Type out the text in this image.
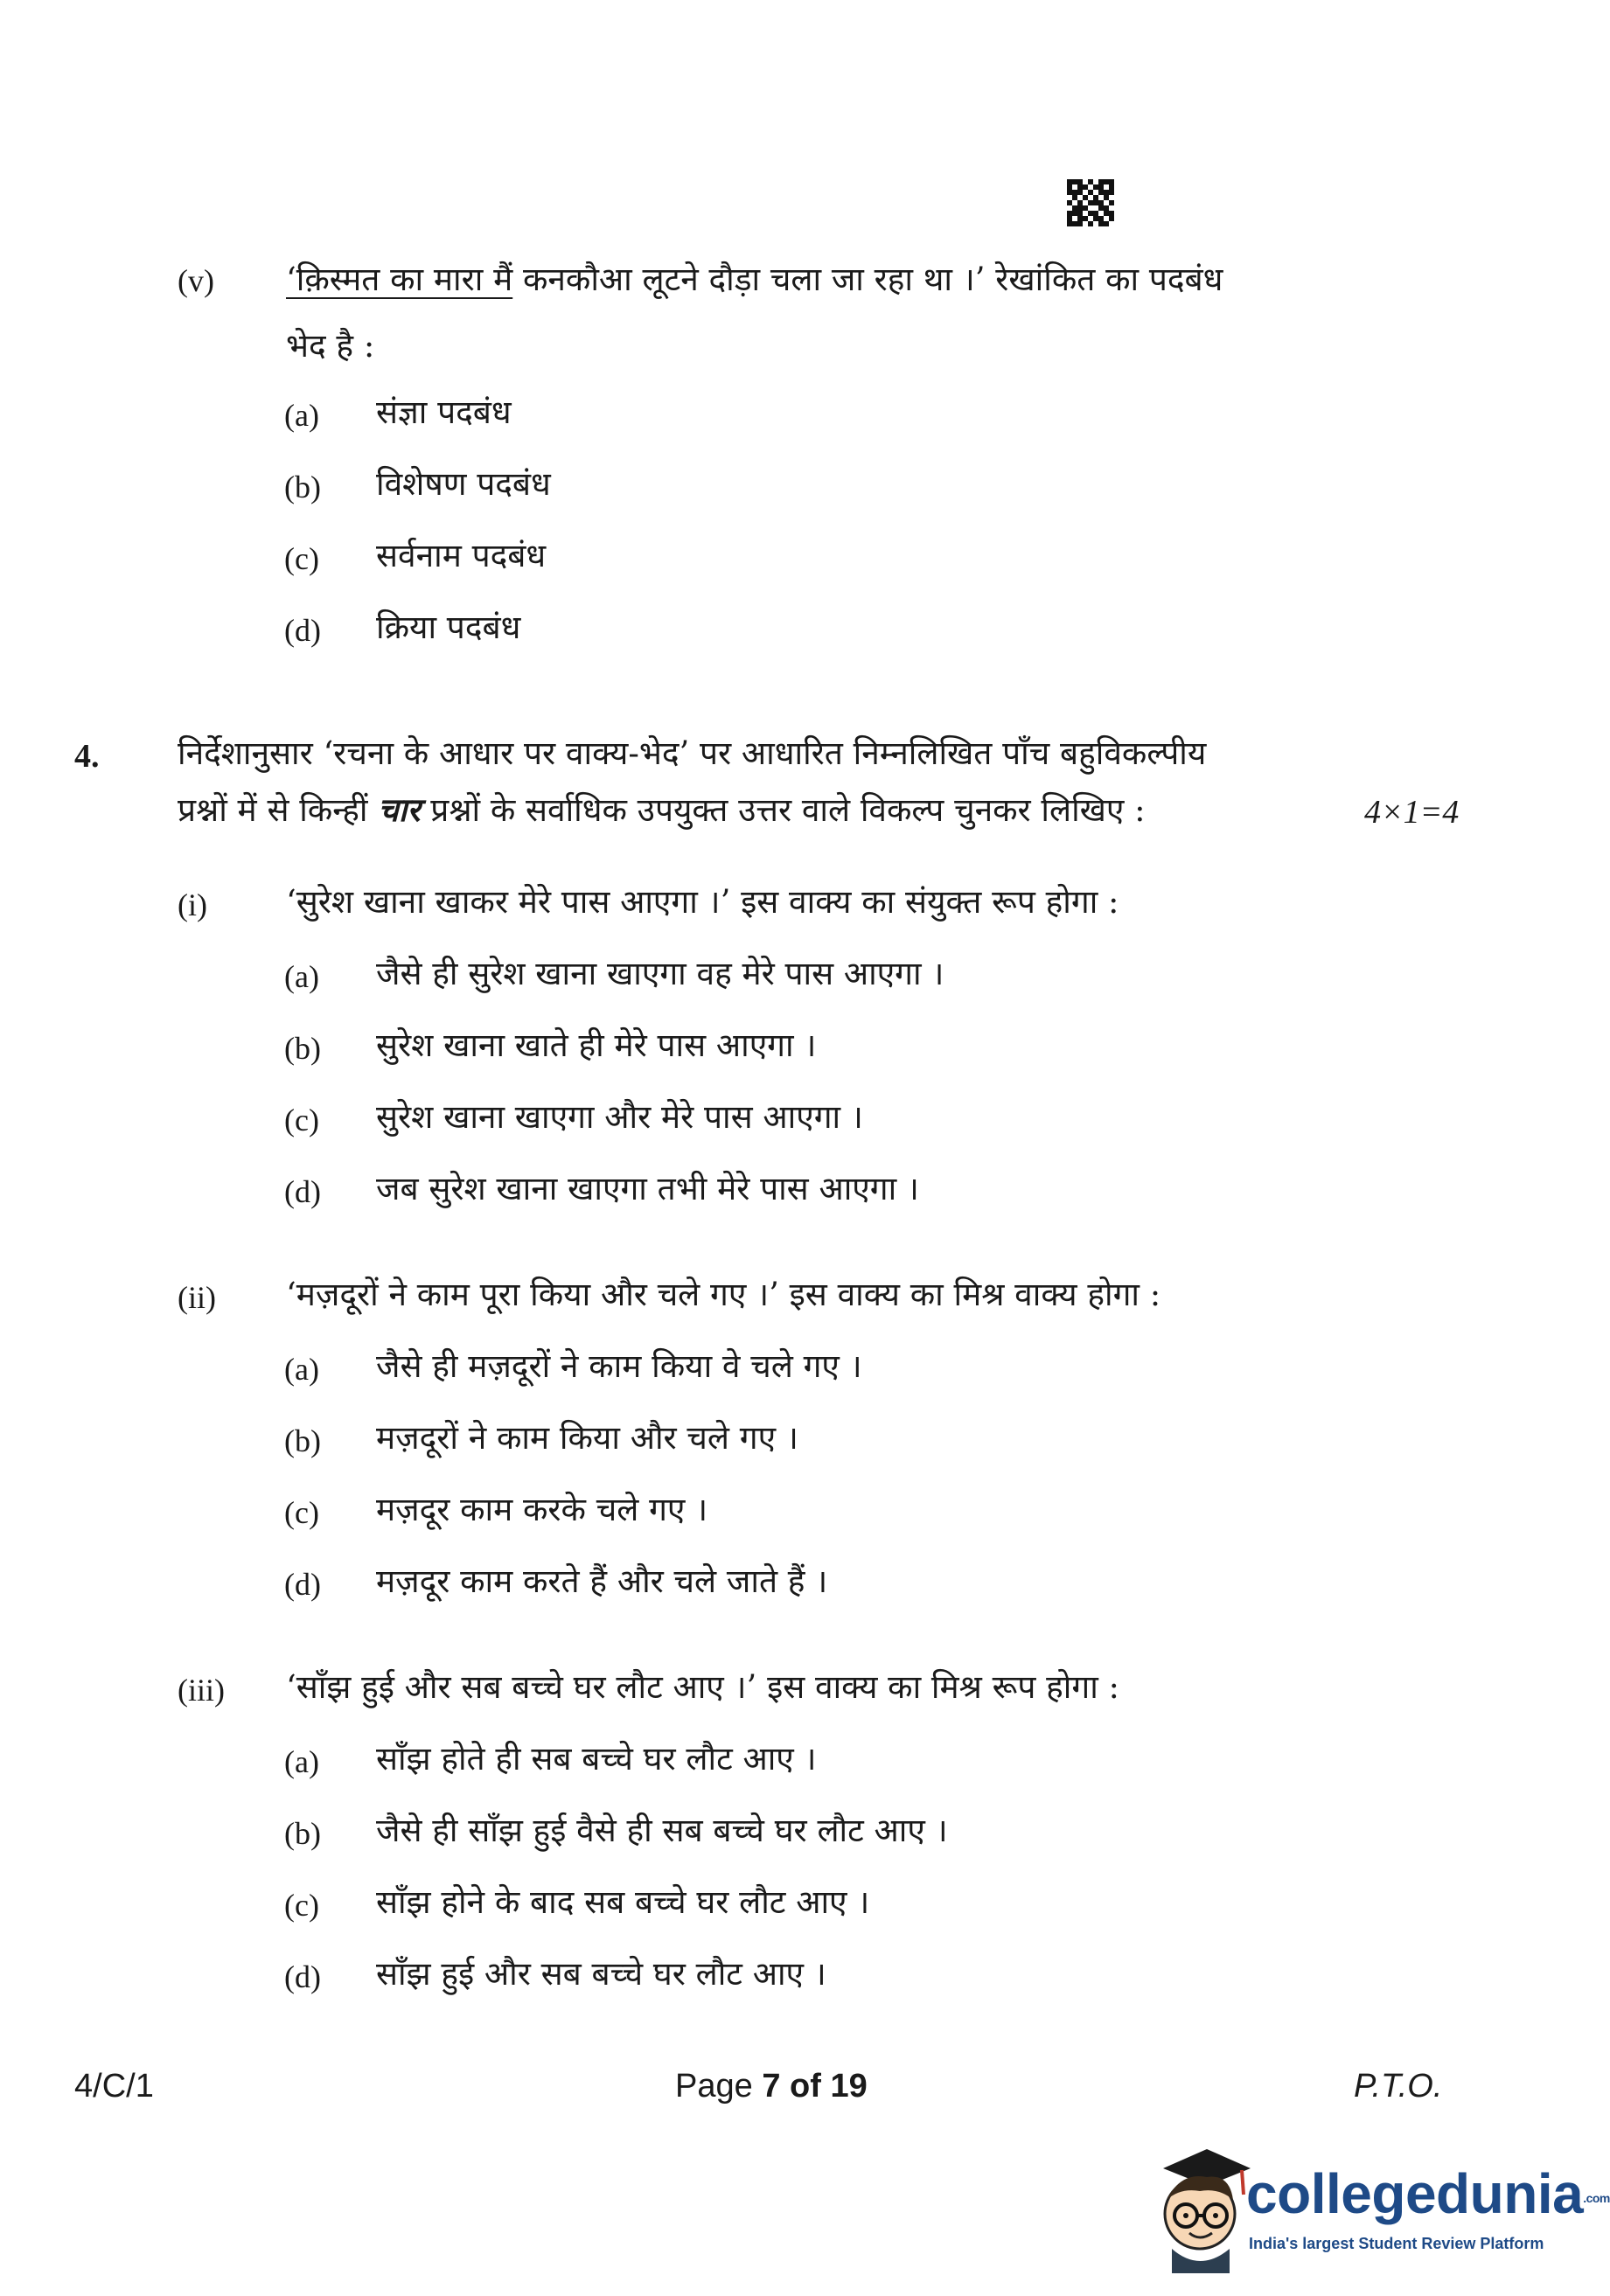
(v) ‘क़िस्मत का मारा मैं कनकौआ लूटने दौड़ा चला जा रहा था ।’ रेखांकित का पदबंध
भेद है :
(a) संज्ञा पदबंध
(b) विशेषण पदबंध
(c) सर्वनाम पदबंध
(d) क्रिया पदबंध
4. निर्देशानुसार ‘रचना के आधार पर वाक्य-भेद’ पर आधारित निम्नलिखित पाँच बहुविकल्पीय
प्रश्नों में से किन्हीं चार प्रश्नों के सर्वाधिक उपयुक्त उत्तर वाले विकल्प चुनकर लिखिए :	4×1=4
(i) ‘सुरेश खाना खाकर मेरे पास आएगा ।’ इस वाक्य का संयुक्त रूप होगा :
(a) जैसे ही सुरेश खाना खाएगा वह मेरे पास आएगा ।
(b) सुरेश खाना खाते ही मेरे पास आएगा ।
(c) सुरेश खाना खाएगा और मेरे पास आएगा ।
(d) जब सुरेश खाना खाएगा तभी मेरे पास आएगा ।
(ii) ‘मज़दूरों ने काम पूरा किया और चले गए ।’ इस वाक्य का मिश्र वाक्य होगा :
(a) जैसे ही मज़दूरों ने काम किया वे चले गए ।
(b) मज़दूरों ने काम किया और चले गए ।
(c) मज़दूर काम करके चले गए ।
(d) मज़दूर काम करते हैं और चले जाते हैं ।
(iii) ‘साँझ हुई और सब बच्चे घर लौट आए ।’ इस वाक्य का मिश्र रूप होगा :
(a) साँझ होते ही सब बच्चे घर लौट आए ।
(b) जैसे ही साँझ हुई वैसे ही सब बच्चे घर लौट आए ।
(c) साँझ होने के बाद सब बच्चे घर लौट आए ।
(d) साँझ हुई और सब बच्चे घर लौट आए ।
4/C/1	Page 7 of 19	P.T.O.
collegedunia.com
India's largest Student Review Platform
